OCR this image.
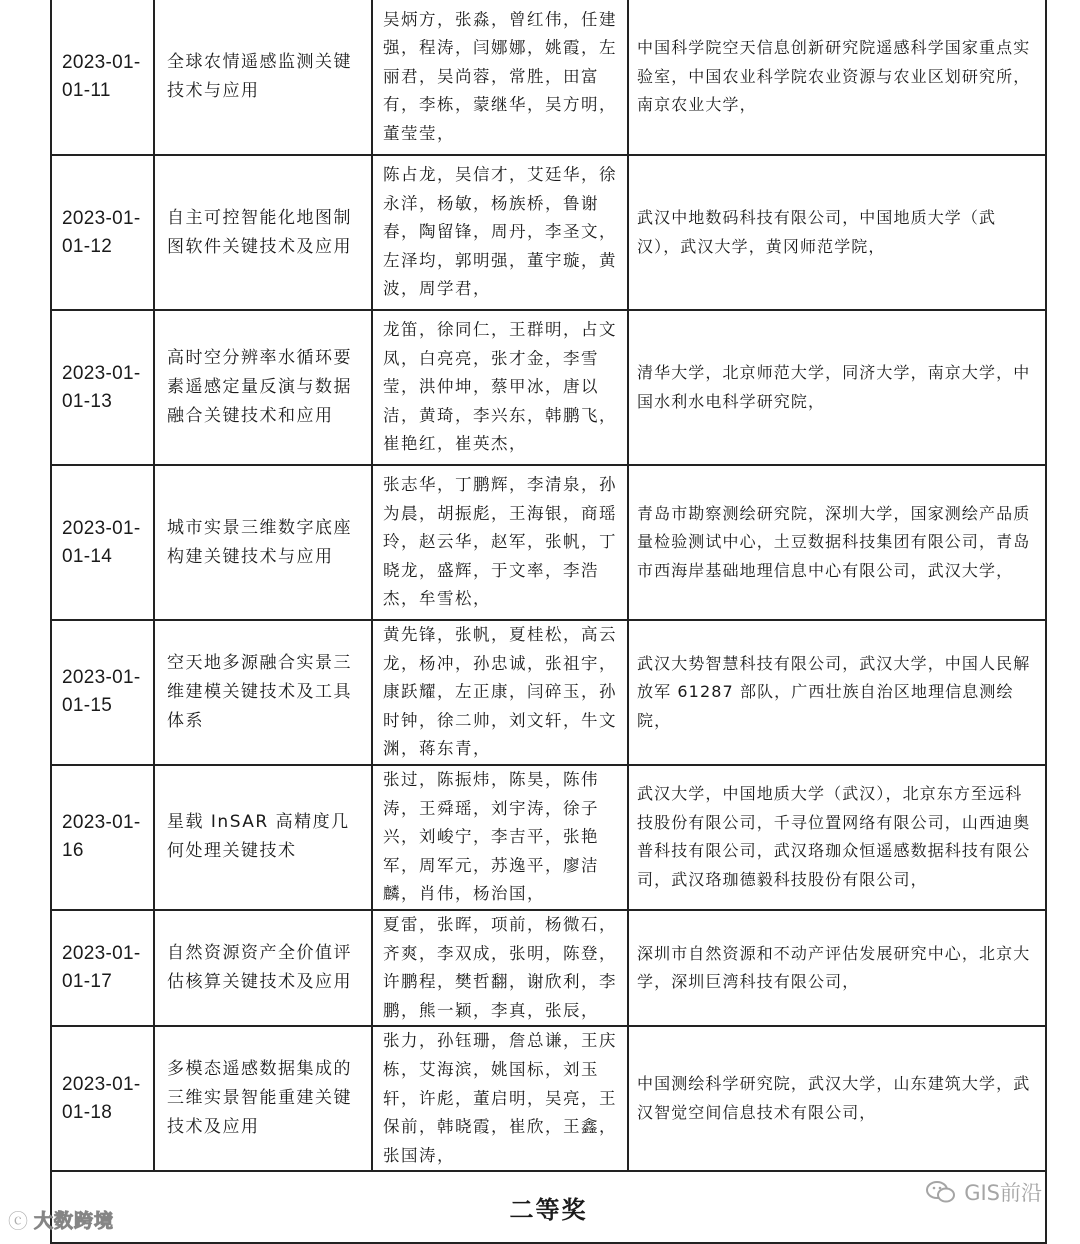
2023-01-
01-11	全球农情遥感监测关键技术与应用	吴炳方，张淼，曾红伟，任建强，程涛，闫娜娜，姚霞，左丽君，吴尚蓉，常胜，田富有，李栋，蒙继华，吴方明，董莹莹，	中国科学院空天信息创新研究院遥感科学国家重点实验室，中国农业科学院农业资源与农业区划研究所，南京农业大学，
2023-01-
01-12	自主可控智能化地图制图软件关键技术及应用	陈占龙，吴信才，艾廷华，徐永洋，杨敏，杨族桥，鲁谢春，陶留锋，周丹，李圣文，左泽均，郭明强，董宇璇，黄波，周学君，	武汉中地数码科技有限公司，中国地质大学（武汉），武汉大学，黄冈师范学院，
2023-01-
01-13	高时空分辨率水循环要素遥感定量反演与数据融合关键技术和应用	龙笛，徐同仁，王群明，占文凤，白亮亮，张才金，李雪莹，洪仲坤，蔡甲冰，唐以洁，黄琦，李兴东，韩鹏飞，崔艳红，崔英杰，	清华大学，北京师范大学，同济大学，南京大学，中国水利水电科学研究院，
2023-01-
01-14	城市实景三维数字底座构建关键技术与应用	张志华，丁鹏辉，李清泉，孙为晨，胡振彪，王海银，商瑶玲，赵云华，赵军，张帆，丁晓龙，盛辉，于文率，李浩杰，牟雪松，	青岛市勘察测绘研究院，深圳大学，国家测绘产品质量检验测试中心，土豆数据科技集团有限公司，青岛市西海岸基础地理信息中心有限公司，武汉大学，
2023-01-
01-15	空天地多源融合实景三维建模关键技术及工具体系	黄先锋，张帆，夏桂松，高云龙，杨冲，孙忠诚，张祖宇，康跃耀，左正康，闫碎玉，孙时钟，徐二帅，刘文轩，牛文渊，蒋东青，	武汉大势智慧科技有限公司，武汉大学，中国人民解放军 61287 部队，广西壮族自治区地理信息测绘院，
2023-01-
16	星载 InSAR 高精度几何处理关键技术	张过，陈振炜，陈昊，陈伟涛，王舜瑶，刘宇涛，徐子兴，刘峻宁，李吉平，张艳军，周军元，苏逸平，廖洁麟，肖伟，杨治国，	武汉大学，中国地质大学（武汉），北京东方至远科技股份有限公司，千寻位置网络有限公司，山西迪奥普科技有限公司，武汉珞珈众恒遥感数据科技有限公司，武汉珞珈德毅科技股份有限公司，
2023-01-
01-17	自然资源资产全价值评估核算关键技术及应用	夏雷，张晖，项前，杨微石，齐爽，李双成，张明，陈登，许鹏程，樊哲翻，谢欣利，李鹏，熊一颖，李真，张辰，	深圳市自然资源和不动产评估发展研究中心，北京大学，深圳巨湾科技有限公司，
2023-01-
01-18	多模态遥感数据集成的三维实景智能重建关键技术及应用	张力，孙钰珊，詹总谦，王庆栋，艾海滨，姚国标，刘玉轩，许彪，董启明，吴亮，王保前，韩晓霞，崔欣，王鑫，张国涛，	中国测绘科学研究院，武汉大学，山东建筑大学，武汉智觉空间信息技术有限公司，
二等奖			
ⓒ 大数跨境
GIS前沿
